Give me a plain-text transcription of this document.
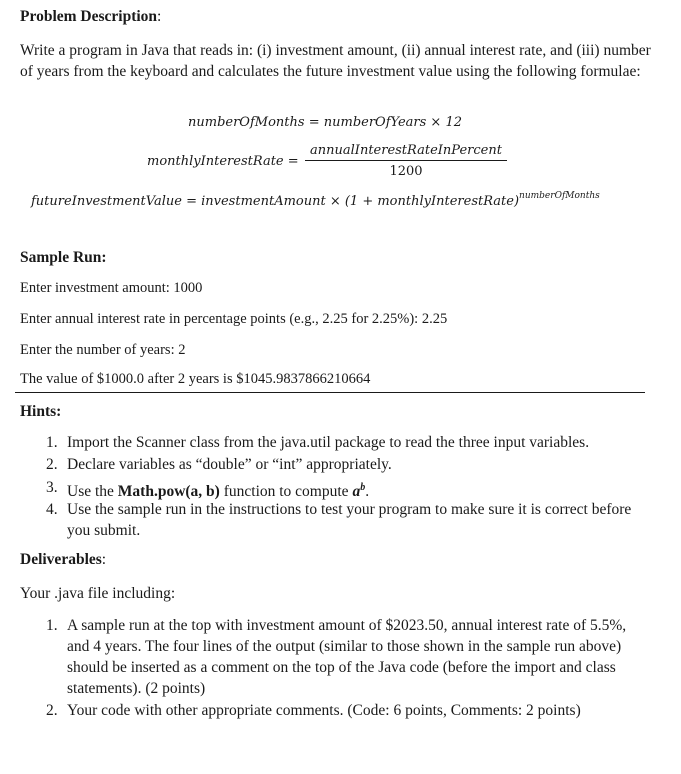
Problem Description:
Write a program in Java that reads in: (i) investment amount, (ii) annual interest rate, and (iii) number of years from the keyboard and calculates the future investment value using the following formulae:
numberOfMonths = numberOfYears × 12
monthlyInterestRate =
annualInterestRateInPercent
1200
futureInvestmentValue = investmentAmount × (1 + monthlyInterestRate)$^{numberOfMonths}$
Sample Run:
Enter investment amount: 1000
Enter annual interest rate in percentage points (e.g., 2.25 for 2.25%): 2.25
Enter the number of years: 2
The value of $1000.0 after 2 years is $1045.9837866210664
Hints:
1. Import the Scanner class from the java.util package to read the three input variables.
2. Declare variables as “double” or “int” appropriately.
3. Use the Math.pow(a, b) function to compute $a^b$.
4. Use the sample run in the instructions to test your program to make sure it is correct before you submit.
Deliverables:
Your .java file including:
1. A sample run at the top with investment amount of $2023.50, annual interest rate of 5.5%, and 4 years. The four lines of the output (similar to those shown in the sample run above) should be inserted as a comment on the top of the Java code (before the import and class statements). (2 points)
2. Your code with other appropriate comments. (Code: 6 points, Comments: 2 points)
